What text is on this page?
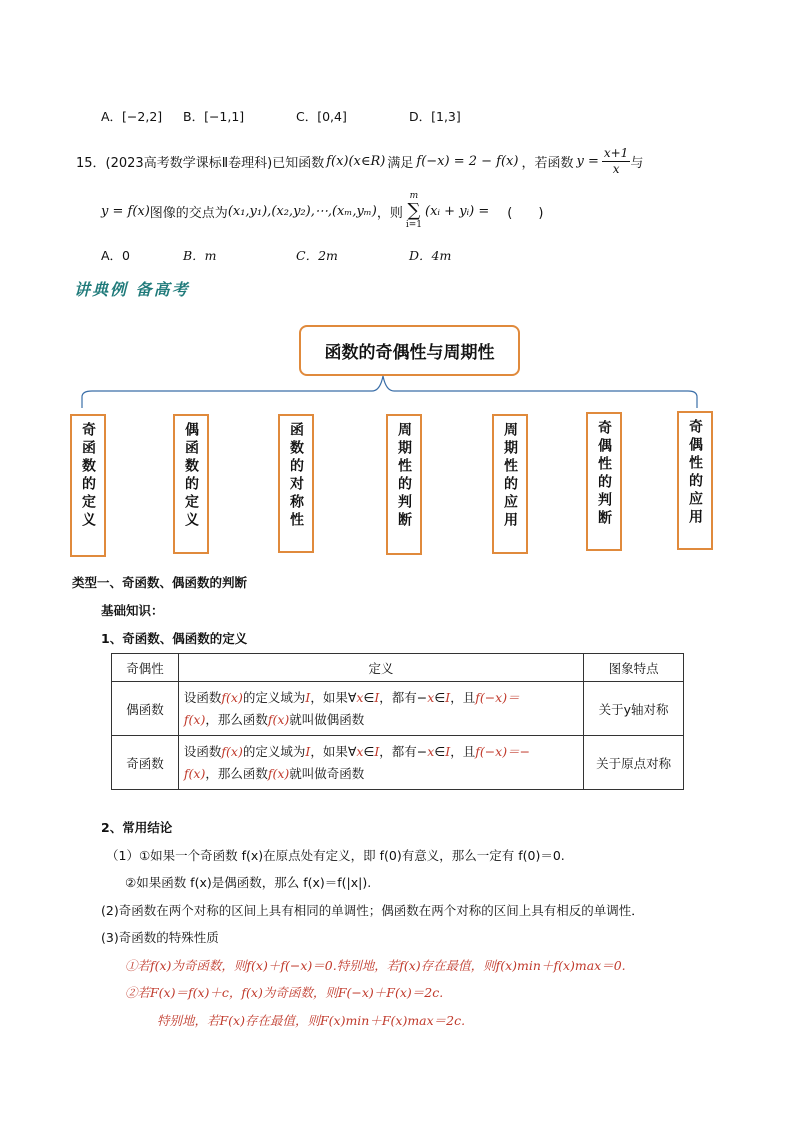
A．[−2,2] B．[−1,1]	C．[0,4]	D．[1,3]
15． (2023高考数学课标Ⅱ卷理科) 已知函数 f(x)(x∈R) 满足 f(−x) = 2 − f(x) ，若函数 $y = \frac{x+1}{x}$ 与
y = f(x) 图像的交点为 (x₁,y₁),(x₂,y₂),⋯,(xₘ,yₘ) ，则
m
∑
i=1
(xᵢ + yᵢ) = (　　)
A．0	B．m	C．2m	D．4m
讲典例 备高考
函数的奇偶性与周期性
奇函数的定义	偶函数的定义	函数的对称性	周期性的判断	周期性的应用	奇偶性的判断	奇偶性的应用
类型一、奇函数、偶函数的判断
基础知识：
1、奇函数、偶函数的定义
奇偶性	定义	图象特点
偶函数	设函数f(x)的定义域为I，如果∀x∈I，都有−x∈I，且f(−x)＝
f(x)，那么函数f(x)就叫做偶函数	关于y轴对称
奇函数	设函数f(x)的定义域为I，如果∀x∈I，都有−x∈I，且f(−x)＝−
f(x)，那么函数f(x)就叫做奇函数	关于原点对称
2、常用结论
（1）①如果一个奇函数 f(x)在原点处有定义，即 f(0)有意义，那么一定有 f(0)＝0.
②如果函数 f(x)是偶函数，那么 f(x)＝f(|x|).
(2)奇函数在两个对称的区间上具有相同的单调性；偶函数在两个对称的区间上具有相反的单调性．
(3)奇函数的特殊性质
①若f(x)为奇函数，则f(x)＋f(−x)＝0.特别地，若f(x)存在最值，则f(x)min＋f(x)max＝0.
②若F(x)＝f(x)＋c，f(x)为奇函数，则F(−x)＋F(x)＝2c.
特别地，若F(x)存在最值，则F(x)min＋F(x)max＝2c.
